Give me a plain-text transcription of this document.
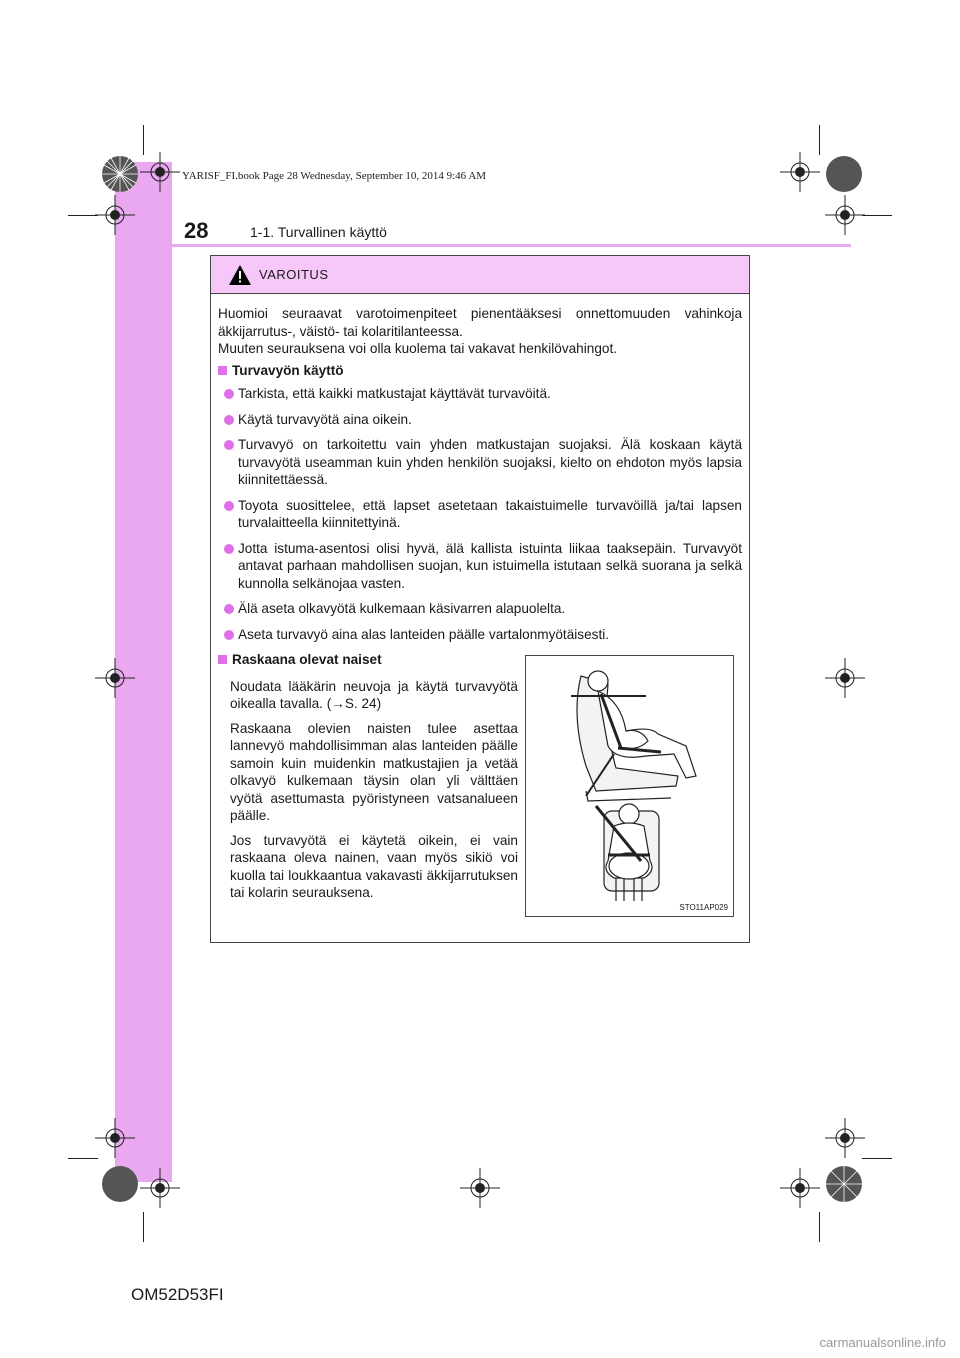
YARISF_FI.book Page 28 Wednesday, September 10, 2014 9:46 AM
28	1-1. Turvallinen käyttö
VAROITUS

Huomioi seuraavat varotoimenpiteet pienentääksesi onnettomuuden vahinkoja äkkijarrutus-, väistö- tai kolaritilanteessa.

Muuten seurauksena voi olla kuolema tai vakavat henkilövahingot.

Turvavyön käyttö
Tarkista, että kaikki matkustajat käyttävät turvavöitä.
Käytä turvavyötä aina oikein.
Turvavyö on tarkoitettu vain yhden matkustajan suojaksi. Älä koskaan käytä turvavyötä useamman kuin yhden henkilön suojaksi, kielto on ehdoton myös lapsia kiinnitettäessä.
Toyota suosittelee, että lapset asetetaan takaistuimelle turvavöillä ja/tai lapsen turvalaitteella kiinnitettyinä.
Jotta istuma-asentosi olisi hyvä, älä kallista istuinta liikaa taaksepäin. Turvavyöt antavat parhaan mahdollisen suojan, kun istuimella istutaan selkä suorana ja selkä kunnolla selkänojaa vasten.
Älä aseta olkavyötä kulkemaan käsivarren alapuolelta.
Aseta turvavyö aina alas lanteiden päälle vartalonmyötäisesti.
Raskaana olevat naiset

Noudata lääkärin neuvoja ja käytä turvavyötä oikealla tavalla. (→S. 24)

Raskaana olevien naisten tulee asettaa lannevyö mahdollisimman alas lanteiden päälle samoin kuin muidenkin matkustajien ja vetää olkavyö kulkemaan täysin olan yli välttäen vyötä asettumasta pyöristyneen vatsanalueen päälle.

Jos turvavyötä ei käytetä oikein, ei vain raskaana oleva nainen, vaan myös sikiö voi kuolla tai loukkaantua vakavasti äkkijarrutuksen tai kolarin seurauksena.

STO11AP029
OM52D53FI
carmanualsonline.info
